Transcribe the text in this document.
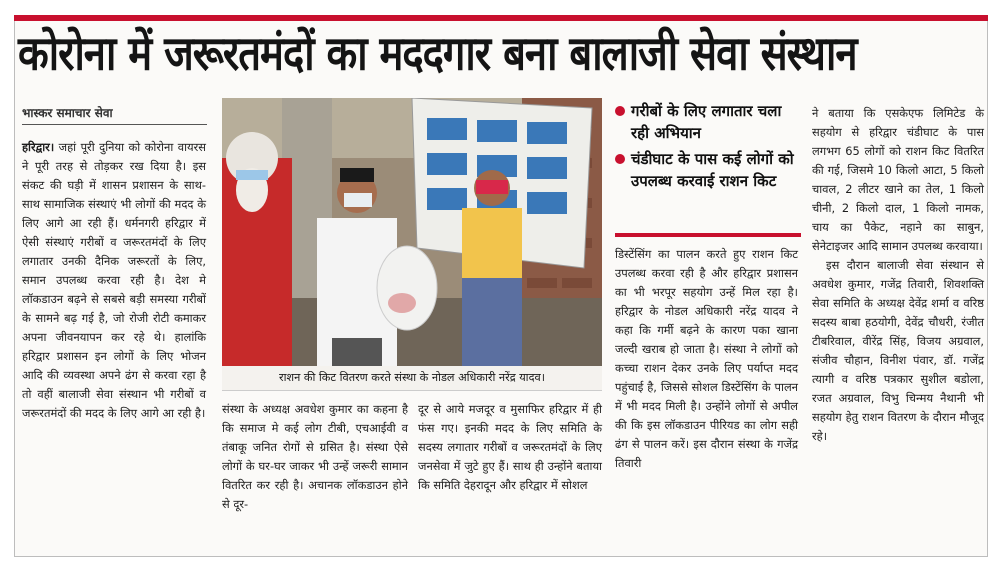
कोरोना में जरूरतमंदों का मददगार बना बालाजी सेवा संस्थान
भास्कर समाचार सेवा

हरिद्वार। जहां पूरी दुनिया को कोरोना वायरस ने पूरी तरह से तोड़कर रख दिया है। इस संकट की घड़ी में शासन प्रशासन के साथ-साथ सामाजिक संस्थाएं भी लोगों की मदद के लिए आगे आ रही हैं। धर्मनगरी हरिद्वार में ऐसी संस्थाएं गरीबों व जरूरतमंदों के लिए लगातार उनकी दैनिक जरूरतों के लिए, समान उपलब्ध करवा रही है। देश मे लॉकडाउन बढ़ने से सबसे बड़ी समस्या गरीबों के सामने बढ़ गई है, जो रोजी रोटी कमाकर अपना जीवनयापन कर रहे थे। हालांकि हरिद्वार प्रशासन इन लोगों के लिए भोजन आदि की व्यवस्था अपने ढंग से करवा रहा है तो वहीं बालाजी सेवा संस्थान भी गरीबों व जरूरतमंदों की मदद के लिए आगे आ रही है।

राशन की किट वितरण करते संस्था के नोडल अधिकारी नरेंद्र यादव।
गरीबों के लिए लगातार चला रही अभियान
चंडीघाट के पास कई लोगों को उपलब्ध करवाई राशन किट

संस्था के अध्यक्ष अवधेश कुमार का कहना है कि समाज मे कई लोग टीबी, एचआईवी व तंबाकू जनित रोगों से ग्रसित है। संस्था ऐसे लोगों के घर-घर जाकर भी उन्हें जरूरी सामान वितरित कर रही है। अचानक लॉकडाउन होने से दूर-

दूर से आये मजदूर व मुसाफिर हरिद्वार में ही फंस गए। इनकी मदद के लिए समिति के सदस्य लगातार गरीबों व जरूरतमंदों के लिए जनसेवा में जुटे हुए हैं। साथ ही उन्होंने बताया कि समिति देहरादून और हरिद्वार में सोशल

डिस्टेंसिंग का पालन करते हुए राशन किट उपलब्ध करवा रही है और हरिद्वार प्रशासन का भी भरपूर सहयोग उन्हें मिल रहा है। हरिद्वार के नोडल अधिकारी नरेंद्र यादव ने कहा कि गर्मी बढ़ने के कारण पका खाना जल्दी खराब हो जाता है। संस्था ने लोगों को कच्चा राशन देकर उनके लिए पर्याप्त मदद पहुंचाई है, जिससे सोशल डिस्टेंसिंग के पालन में भी मदद मिली है। उन्होंने लोगों से अपील की कि इस लॉकडाउन पीरियड का लोग सही ढंग से पालन करें। इस दौरान संस्था के गजेंद्र तिवारी

ने बताया कि एसकेएफ लिमिटेड के सहयोग से हरिद्वार चंडीघाट के पास लगभग 65 लोगों को राशन किट वितरित की गई, जिसमे 10 किलो आटा, 5 किलो चावल, 2 लीटर खाने का तेल, 1 किलो चीनी, 2 किलो दाल, 1 किलो नामक, चाय का पैकेट, नहाने का साबुन, सेनेटाइजर आदि सामान उपलब्ध करवाया।

इस दौरान बालाजी सेवा संस्थान से अवधेश कुमार, गजेंद्र तिवारी, शिवशक्ति सेवा समिति के अध्यक्ष देवेंद्र शर्मा व वरिष्ठ सदस्य बाबा हठयोगी, देवेंद्र चौधरी, रंजीत टीबरिवाल, वीरेंद्र सिंह, विजय अग्रवाल, संजीव चौहान, विनीश पंवार, डॉ. गजेंद्र त्यागी व वरिष्ठ पत्रकार सुशील बडोला, रजत अग्रवाल, विभु चिन्मय नैथानी भी सहयोग हेतु राशन वितरण के दौरान मौजूद रहे।
